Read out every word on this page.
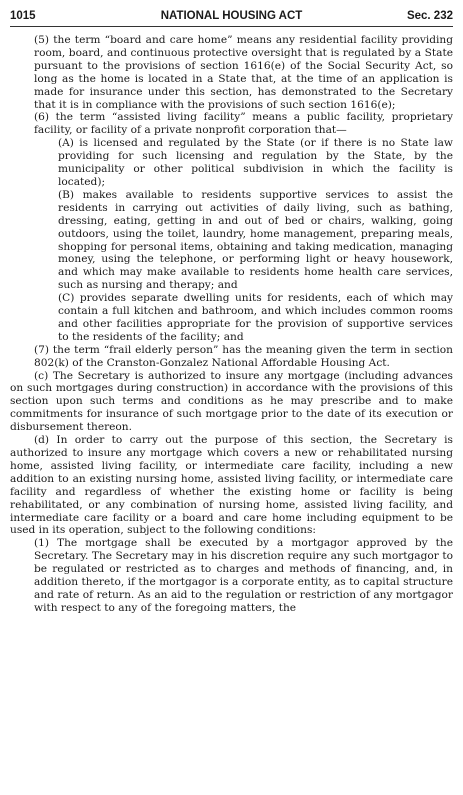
1015	NATIONAL HOUSING ACT	Sec. 232

(5) the term “board and care home” means any residential facility providing room, board, and continuous protective oversight that is regulated by a State pursuant to the provisions of section 1616(e) of the Social Security Act, so long as the home is located in a State that, at the time of an application is made for insurance under this section, has demonstrated to the Secretary that it is in compliance with the provisions of such section 1616(e);

(6) the term “assisted living facility” means a public facility, proprietary facility, or facility of a private nonprofit corporation that—

(A) is licensed and regulated by the State (or if there is no State law providing for such licensing and regulation by the State, by the municipality or other political subdivision in which the facility is located);

(B) makes available to residents supportive services to assist the residents in carrying out activities of daily living, such as bathing, dressing, eating, getting in and out of bed or chairs, walking, going outdoors, using the toilet, laundry, home management, preparing meals, shopping for personal items, obtaining and taking medication, managing money, using the telephone, or performing light or heavy housework, and which may make available to residents home health care services, such as nursing and therapy; and

(C) provides separate dwelling units for residents, each of which may contain a full kitchen and bathroom, and which includes common rooms and other facilities appropriate for the provision of supportive services to the residents of the facility; and

(7) the term “frail elderly person” has the meaning given the term in section 802(k) of the Cranston-Gonzalez National Affordable Housing Act.

(c) The Secretary is authorized to insure any mortgage (including advances on such mortgages during construction) in accordance with the provisions of this section upon such terms and conditions as he may prescribe and to make commitments for insurance of such mortgage prior to the date of its execution or disbursement thereon.

(d) In order to carry out the purpose of this section, the Secretary is authorized to insure any mortgage which covers a new or rehabilitated nursing home, assisted living facility, or intermediate care facility, including a new addition to an existing nursing home, assisted living facility, or intermediate care facility and regardless of whether the existing home or facility is being rehabilitated, or any combination of nursing home, assisted living facility, and intermediate care facility or a board and care home including equipment to be used in its operation, subject to the following conditions:

(1) The mortgage shall be executed by a mortgagor approved by the Secretary. The Secretary may in his discretion require any such mortgagor to be regulated or restricted as to charges and methods of financing, and, in addition thereto, if the mortgagor is a corporate entity, as to capital structure and rate of return. As an aid to the regulation or restriction of any mortgagor with respect to any of the foregoing matters, the
